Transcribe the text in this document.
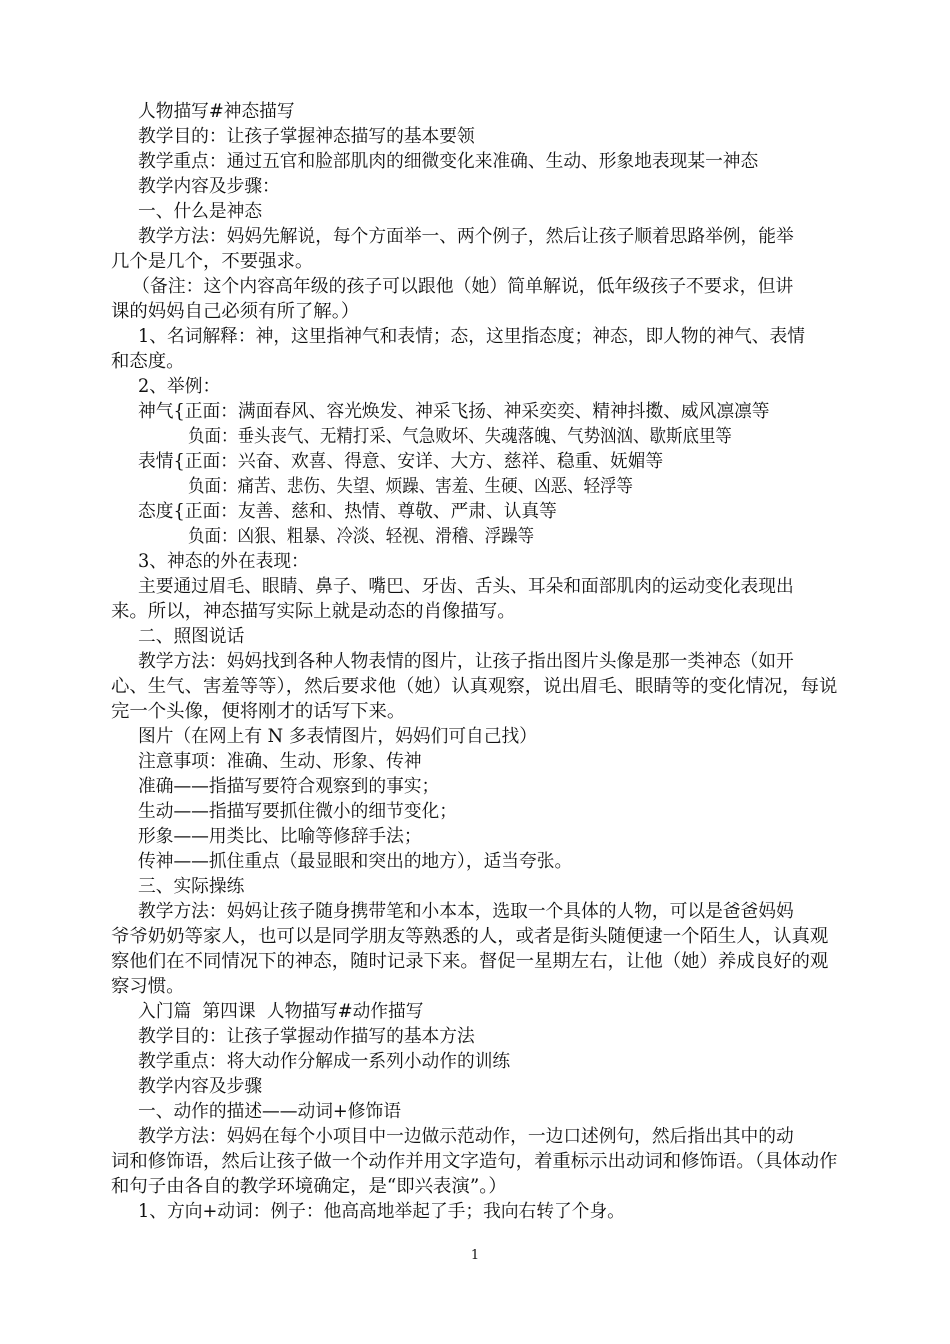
人物描写#神态描写
教学目的：让孩子掌握神态描写的基本要领
教学重点：通过五官和脸部肌肉的细微变化来准确、生动、形象地表现某一神态
教学内容及步骤：
一、什么是神态
教学方法：妈妈先解说，每个方面举一、两个例子，然后让孩子顺着思路举例，能举
几个是几个，不要强求。
（备注：这个内容高年级的孩子可以跟他（她）简单解说，低年级孩子不要求，但讲
课的妈妈自己必须有所了解。）
1、名词解释：神，这里指神气和表情；态，这里指态度；神态，即人物的神气、表情
和态度。
2、举例：
神气{正面：满面春风、容光焕发、神采飞扬、神采奕奕、精神抖擞、威风凛凛等
负面：垂头丧气、无精打采、气急败坏、失魂落魄、气势汹汹、歇斯底里等
表情{正面：兴奋、欢喜、得意、安详、大方、慈祥、稳重、妩媚等
负面：痛苦、悲伤、失望、烦躁、害羞、生硬、凶恶、轻浮等
态度{正面：友善、慈和、热情、尊敬、严肃、认真等
负面：凶狠、粗暴、冷淡、轻视、滑稽、浮躁等
3、神态的外在表现：
主要通过眉毛、眼睛、鼻子、嘴巴、牙齿、舌头、耳朵和面部肌肉的运动变化表现出
来。所以，神态描写实际上就是动态的肖像描写。
二、照图说话
教学方法：妈妈找到各种人物表情的图片，让孩子指出图片头像是那一类神态（如开
心、生气、害羞等等），然后要求他（她）认真观察，说出眉毛、眼睛等的变化情况，每说
完一个头像，便将刚才的话写下来。
图片（在网上有 N 多表情图片，妈妈们可自己找）
注意事项：准确、生动、形象、传神
准确——指描写要符合观察到的事实；
生动——指描写要抓住微小的细节变化；
形象——用类比、比喻等修辞手法；
传神——抓住重点（最显眼和突出的地方），适当夸张。
三、实际操练
教学方法：妈妈让孩子随身携带笔和小本本，选取一个具体的人物，可以是爸爸妈妈
爷爷奶奶等家人，也可以是同学朋友等熟悉的人，或者是街头随便逮一个陌生人，认真观
察他们在不同情况下的神态，随时记录下来。督促一星期左右，让他（她）养成良好的观
察习惯。
入门篇  第四课  人物描写#动作描写
教学目的：让孩子掌握动作描写的基本方法
教学重点：将大动作分解成一系列小动作的训练
教学内容及步骤
一、动作的描述——动词+修饰语
教学方法：妈妈在每个小项目中一边做示范动作，一边口述例句，然后指出其中的动
词和修饰语，然后让孩子做一个动作并用文字造句，着重标示出动词和修饰语。（具体动作
和句子由各自的教学环境确定，是“即兴表演”。）
1、方向+动词：例子：他高高地举起了手；我向右转了个身。
1
